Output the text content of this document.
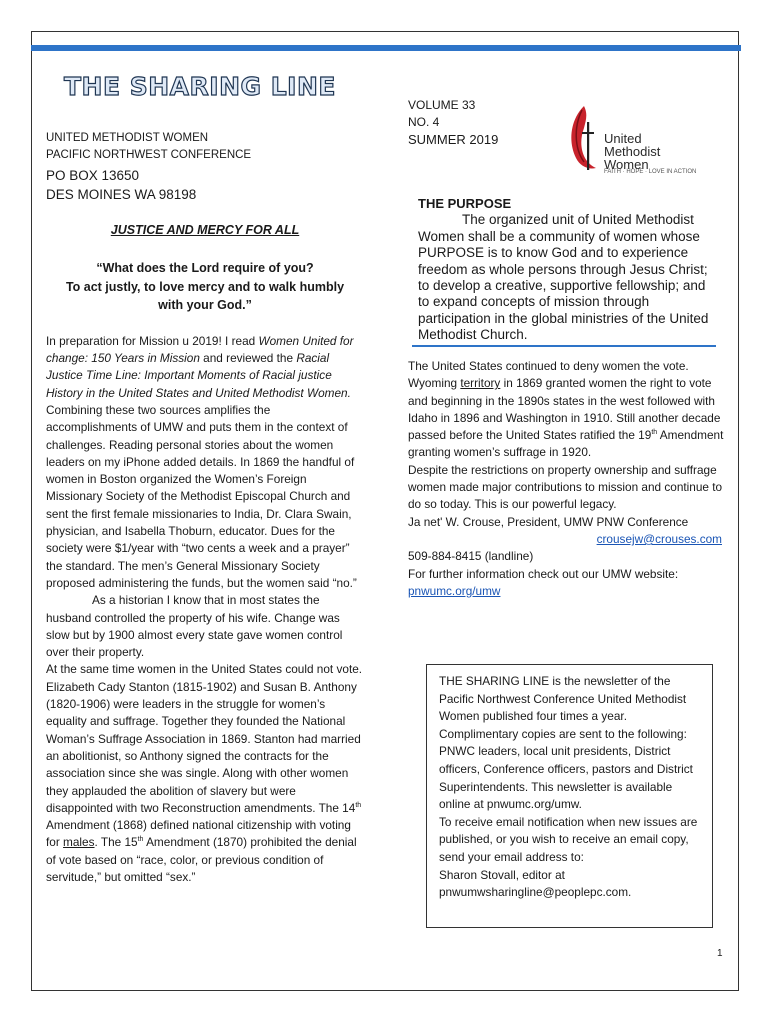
THE SHARING LINE
UNITED METHODIST WOMEN
PACIFIC NORTHWEST CONFERENCE
PO BOX 13650
DES MOINES WA 98198
VOLUME 33
NO. 4
SUMMER 2019	United
Methodist
Women
FAITH · HOPE · LOVE IN ACTION
THE PURPOSE

The organized unit of United Methodist Women shall be a community of women whose PURPOSE is to know God and to experience freedom as whole persons through Jesus Christ; to develop a creative, supportive fellowship; and to expand concepts of mission through participation in the global ministries of the United Methodist Church.

JUSTICE AND MERCY FOR ALL
“What does the Lord require of you?
To act justly, to love mercy and to walk humbly
with your God.”

In preparation for Mission u 2019! I read Women United for change: 150 Years in Mission and reviewed the Racial Justice Time Line: Important Moments of Racial justice History in the United States and United Methodist Women. Combining these two sources amplifies the accomplishments of UMW and puts them in the context of challenges. Reading personal stories about the women leaders on my iPhone added details. In 1869 the handful of women in Boston organized the Women’s Foreign Missionary Society of the Methodist Episcopal Church and sent the first female missionaries to India, Dr. Clara Swain, physician, and Isabella Thoburn, educator. Dues for the society were $1/year with “two cents a week and a prayer” the standard. The men’s General Missionary Society proposed administering the funds, but the women said “no.”

As a historian I know that in most states the husband controlled the property of his wife. Change was slow but by 1900 almost every state gave women control over their property.

At the same time women in the United States could not vote. Elizabeth Cady Stanton (1815-1902) and Susan B. Anthony (1820-1906) were leaders in the struggle for women’s equality and suffrage. Together they founded the National Woman’s Suffrage Association in 1869. Stanton had married an abolitionist, so Anthony signed the contracts for the association since she was single. Along with other women they applauded the abolition of slavery but were disappointed with two Reconstruction amendments. The 14th Amendment (1868) defined national citizenship with voting for males. The 15th Amendment (1870) prohibited the denial of vote based on “race, color, or previous condition of servitude,” but omitted “sex.”

The United States continued to deny women the vote. Wyoming territory in 1869 granted women the right to vote and beginning in the 1890s states in the west followed with Idaho in 1896 and Washington in 1910. Still another decade passed before the United States ratified the 19th Amendment granting women’s suffrage in 1920.

Despite the restrictions on property ownership and suffrage women made major contributions to mission and continue to do so today. This is our powerful legacy.

Ja net' W. Crouse, President, UMW PNW Conference

crousejw@crouses.com

509-884-8415 (landline)

For further information check out our UMW website:

pnwumc.org/umw

THE SHARING LINE is the newsletter of the Pacific Northwest Conference United Methodist Women published four times a year. Complimentary copies are sent to the following: PNWC leaders, local unit presidents, District officers, Conference officers, pastors and District Superintendents. This newsletter is available online at pnwumc.org/umw.

To receive email notification when new issues are published, or you wish to receive an email copy, send your email address to:

Sharon Stovall, editor at

pnwumwsharingline@peoplepc.com.

1
